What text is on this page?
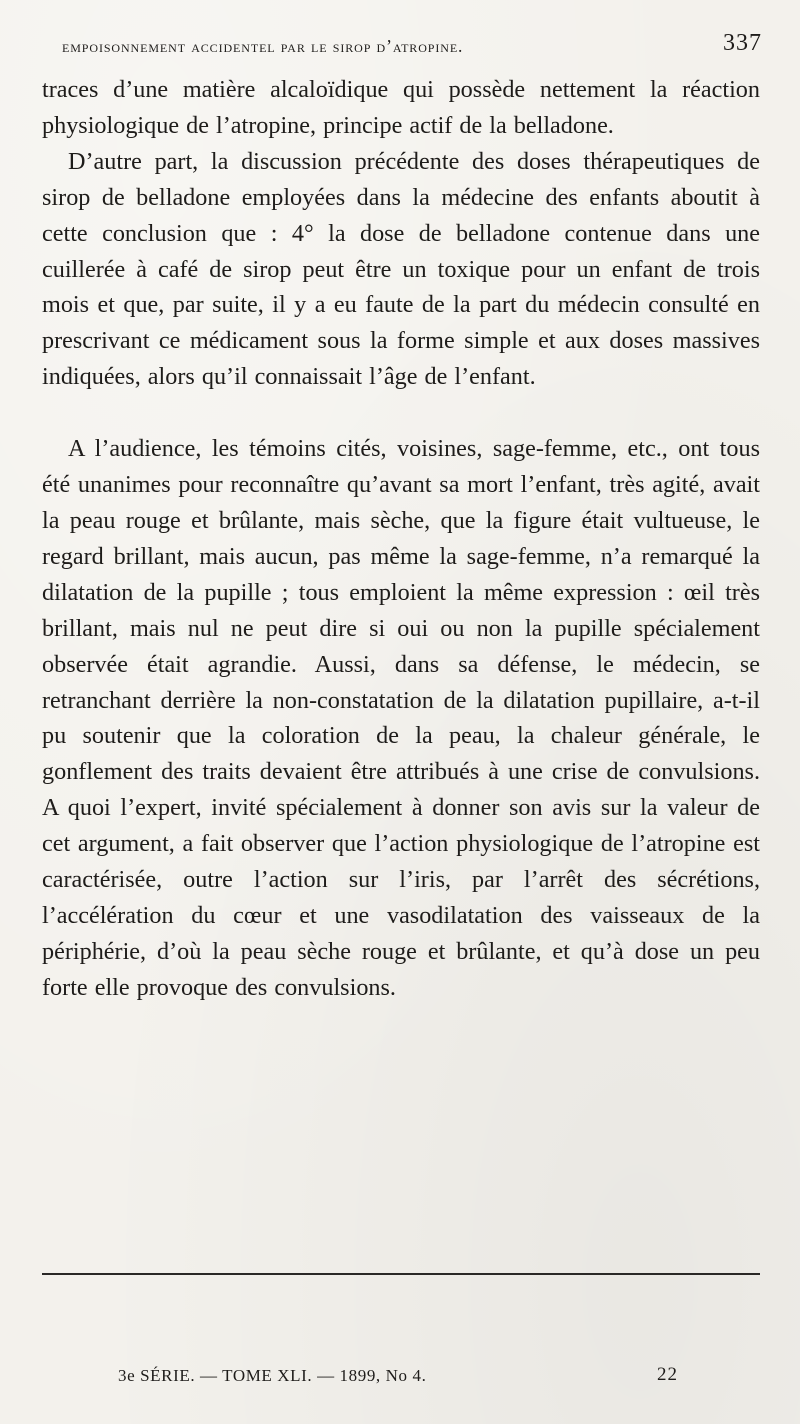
empoisonnement accidentel par le sirop d’atropine.	337

traces d’une matière alcaloïdique qui possède nettement la réaction physiologique de l’atropine, principe actif de la belladone.

D’autre part, la discussion précédente des doses thérapeutiques de sirop de belladone employées dans la médecine des enfants aboutit à cette conclusion que : 4° la dose de belladone contenue dans une cuillerée à café de sirop peut être un toxique pour un enfant de trois mois et que, par suite, il y a eu faute de la part du médecin consulté en prescrivant ce médicament sous la forme simple et aux doses massives indiquées, alors qu’il connaissait l’âge de l’enfant.

A l’audience, les témoins cités, voisines, sage-femme, etc., ont tous été unanimes pour reconnaître qu’avant sa mort l’enfant, très agité, avait la peau rouge et brûlante, mais sèche, que la figure était vultueuse, le regard brillant, mais aucun, pas même la sage-femme, n’a remarqué la dilatation de la pupille ; tous emploient la même expression : œil très brillant, mais nul ne peut dire si oui ou non la pupille spécialement observée était agrandie. Aussi, dans sa défense, le médecin, se retranchant derrière la non-constatation de la dilatation pupillaire, a-t-il pu soutenir que la coloration de la peau, la chaleur générale, le gonflement des traits devaient être attribués à une crise de convulsions. A quoi l’expert, invité spécialement à donner son avis sur la valeur de cet argument, a fait observer que l’action physiologique de l’atropine est caractérisée, outre l’action sur l’iris, par l’arrêt des sécrétions, l’accélération du cœur et une vasodilatation des vaisseaux de la périphérie, d’où la peau sèche rouge et brûlante, et qu’à dose un peu forte elle provoque des convulsions.

3e SÉRIE. — TOME XLI. — 1899, No 4.	22
